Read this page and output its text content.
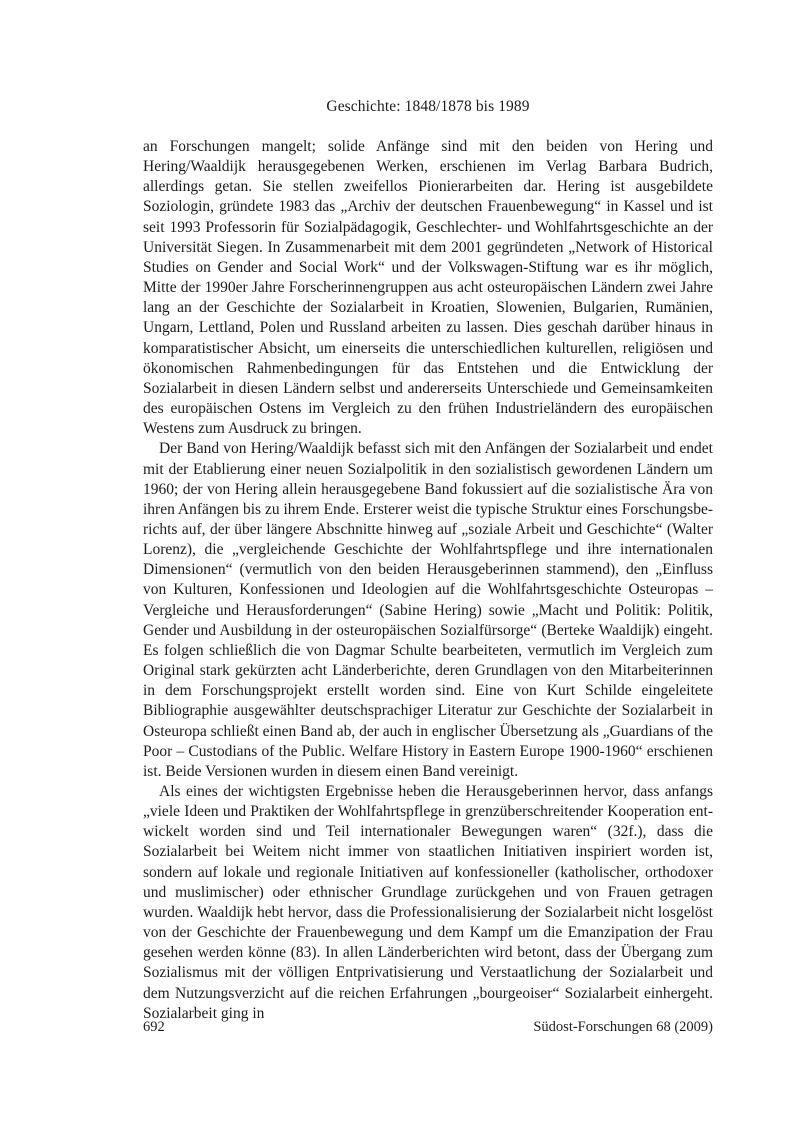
Geschichte: 1848/1878 bis 1989

an Forschungen mangelt; solide Anfänge sind mit den beiden von Hering und Hering/Waaldijk herausgegebenen Werken, erschienen im Verlag Barbara Budrich, allerdings getan. Sie stellen zweifellos Pionierarbeiten dar. Hering ist ausgebildete Soziologin, gründete 1983 das „Archiv der deutschen Frauenbewegung“ in Kassel und ist seit 1993 Professorin für Sozialpädagogik, Geschlechter- und Wohlfahrtsgeschichte an der Universität Siegen. In Zusammenarbeit mit dem 2001 gegründeten „Network of Historical Studies on Gender and Social Work“ und der Volkswagen-Stiftung war es ihr möglich, Mitte der 1990er Jahre Forscherinnengruppen aus acht osteuropäischen Ländern zwei Jahre lang an der Geschichte der Sozialarbeit in Kroatien, Slowenien, Bulgarien, Rumänien, Ungarn, Lettland, Polen und Russland arbeiten zu lassen. Dies geschah darüber hinaus in komparatistischer Absicht, um einerseits die unterschiedlichen kulturellen, religiösen und ökonomischen Rahmenbedingungen für das Entstehen und die Entwicklung der Sozialarbeit in diesen Ländern selbst und andererseits Unterschiede und Gemeinsamkeiten des europäischen Ostens im Vergleich zu den frühen Industrieländern des europäischen Westens zum Ausdruck zu bringen.

Der Band von Hering/Waaldijk befasst sich mit den Anfängen der Sozialarbeit und endet mit der Etablierung einer neuen Sozialpolitik in den sozialistisch gewordenen Ländern um 1960; der von Hering allein herausgegebene Band fokussiert auf die sozialistische Ära von ihren Anfängen bis zu ihrem Ende. Ersterer weist die typische Struktur eines Forschungsberichts auf, der über längere Abschnitte hinweg auf „soziale Arbeit und Geschichte“ (Walter Lorenz), die „vergleichende Geschichte der Wohlfahrtspflege und ihre internationalen Dimensionen“ (vermutlich von den beiden Herausgeberinnen stammend), den „Einfluss von Kulturen, Konfessionen und Ideologien auf die Wohlfahrtsgeschichte Osteuropas – Vergleiche und Herausforderungen“ (Sabine Hering) sowie „Macht und Politik: Politik, Gender und Ausbildung in der osteuropäischen Sozialfürsorge“ (Berteke Waaldijk) eingeht. Es folgen schließlich die von Dagmar Schulte bearbeiteten, vermutlich im Vergleich zum Original stark gekürzten acht Länderberichte, deren Grundlagen von den Mitarbeiterinnen in dem Forschungsprojekt erstellt worden sind. Eine von Kurt Schilde eingeleitete Bibliographie ausgewählter deutschsprachiger Literatur zur Geschichte der Sozialarbeit in Osteuropa schließt einen Band ab, der auch in englischer Übersetzung als „Guardians of the Poor – Custodians of the Public. Welfare History in Eastern Europe 1900-1960“ erschienen ist. Beide Versionen wurden in diesem einen Band vereinigt.

Als eines der wichtigsten Ergebnisse heben die Herausgeberinnen hervor, dass anfangs „viele Ideen und Praktiken der Wohlfahrtspflege in grenzüberschreitender Kooperation entwickelt worden sind und Teil internationaler Bewegungen waren“ (32f.), dass die Sozialarbeit bei Weitem nicht immer von staatlichen Initiativen inspiriert worden ist, sondern auf lokale und regionale Initiativen auf konfessioneller (katholischer, orthodoxer und muslimischer) oder ethnischer Grundlage zurückgehen und von Frauen getragen wurden. Waaldijk hebt hervor, dass die Professionalisierung der Sozialarbeit nicht losgelöst von der Geschichte der Frauenbewegung und dem Kampf um die Emanzipation der Frau gesehen werden könne (83). In allen Länderberichten wird betont, dass der Übergang zum Sozialismus mit der völligen Entprivatisierung und Verstaatlichung der Sozialarbeit und dem Nutzungsverzicht auf die reichen Erfahrungen „bourgeoiser“ Sozialarbeit einhergeht. Sozialarbeit ging in

692	Südost-Forschungen 68 (2009)
